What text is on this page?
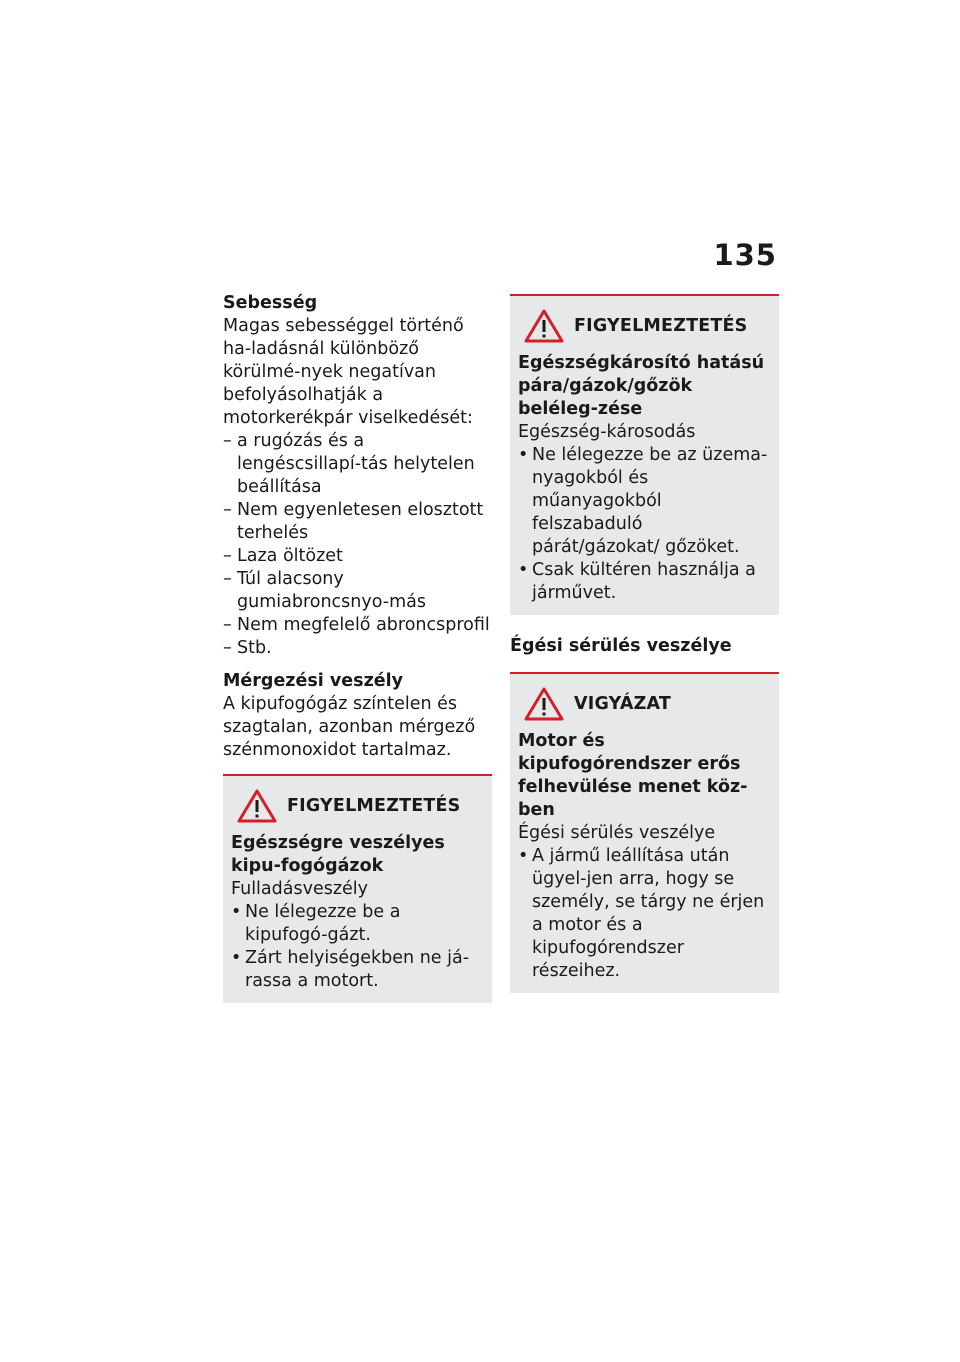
135
Sebesség
Magas sebességgel történő ha-ladásnál különböző körülmé-nyek negatívan befolyásolhatják a motorkerékpár viselkedését:
– a rugózás és a lengéscsillapí-tás helytelen beállítása
– Nem egyenletesen elosztott terhelés
– Laza öltözet
– Túl alacsony gumiabroncsnyo-más
– Nem megfelelő abroncsprofil
– Stb.
Mérgezési veszély
A kipufogógáz színtelen és szagtalan, azonban mérgező szénmonoxidot tartalmaz.
FIGYELMEZTETÉS
Egészségre veszélyes kipu-fogógázok
Fulladásveszély
• Ne lélegezze be a kipufogó-gázt.
• Zárt helyiségekben ne já-rassa a motort.
FIGYELMEZTETÉS
Egészségkárosító hatású pára/gázok/gőzök beléleg-zése
Egészség-károsodás
• Ne lélegezze be az üzema-nyagokból és műanyagokból felszabaduló párát/gázokat/ gőzöket.
• Csak kültéren használja a járművet.
Égési sérülés veszélye
VIGYÁZAT
Motor és kipufogórendszer erős felhevülése menet köz-ben
Égési sérülés veszélye
• A jármű leállítása után ügyel-jen arra, hogy se személy, se tárgy ne érjen a motor és a kipufogórendszer részeihez.
